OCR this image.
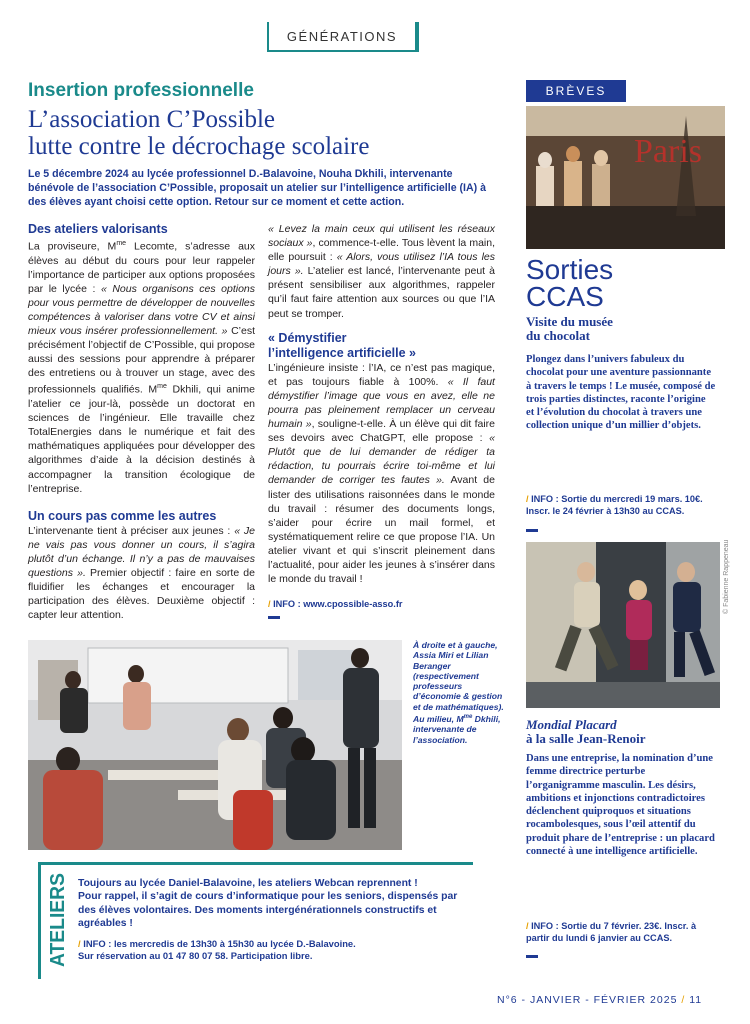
GÉNÉRATIONS
Insertion professionnelle
L’association C’Possible
lutte contre le décrochage scolaire
Le 5 décembre 2024 au lycée professionnel D.-Balavoine, Nouha Dkhili, intervenante bénévole de l’association C’Possible, proposait un atelier sur l’intelligence artificielle (IA) à des élèves ayant choisi cette option. Retour sur ce moment et cette action.
Des ateliers valorisants

La proviseure, $M^{me}$ Lecomte, s’adresse aux élèves au début du cours pour leur rappeler l’importance de participer aux options proposées par le lycée : « Nous organisons ces options pour vous permettre de développer de nouvelles compétences à valoriser dans votre CV et ainsi mieux vous insérer professionnellement. » C’est précisément l’objectif de C’Possible, qui propose aussi des sessions pour apprendre à préparer des entretiens ou à trouver un stage, avec des professionnels qualifiés. $M^{me}$ Dkhili, qui anime l’atelier ce jour-là, possède un doctorat en sciences de l’ingénieur. Elle travaille chez TotalEnergies dans le numérique et fait des mathématiques appliquées pour développer des algorithmes d’aide à la décision destinés à accompagner la transition écologique de l’entreprise.

Un cours pas comme les autres

L’intervenante tient à préciser aux jeunes : « Je ne vais pas vous donner un cours, il s’agira plutôt d’un échange. Il n’y a pas de mauvaises questions ». Premier objectif : faire en sorte de fluidifier les échanges et encourager la participation des élèves. Deuxième objectif : capter leur attention.

« Levez la main ceux qui utilisent les réseaux sociaux », commence-t-elle. Tous lèvent la main, elle poursuit : « Alors, vous utilisez l’IA tous les jours ». L’atelier est lancé, l’intervenante peut à présent sensibiliser aux algorithmes, rappeler qu’il faut faire attention aux sources ou que l’IA peut se tromper.

« Démystifier
l’intelligence artificielle »

L’ingénieure insiste : l’IA, ce n’est pas magique, et pas toujours fiable à 100%. « Il faut démystifier l’image que vous en avez, elle ne pourra pas pleinement remplacer un cerveau humain », souligne-t-elle. À un élève qui dit faire ses devoirs avec ChatGPT, elle propose : « Plutôt que de lui demander de rédiger ta rédaction, tu pourrais écrire toi-même et lui demander de corriger tes fautes ». Avant de lister des utilisations raisonnées dans le monde du travail : résumer des documents longs, s’aider pour écrire un mail formel, et systématiquement relire ce que propose l’IA. Un atelier vivant et qui s’inscrit pleinement dans l’actualité, pour aider les jeunes à s’insérer dans le monde du travail !

/ INFO : www.cpossible-asso.fr
À droite et à gauche, Assia Miri et Lilian Beranger (respectivement professeurs d’économie & gestion et de mathématiques). Au milieu, $M^{me}$ Dkhili, intervenante de l’association.
ATELIERS Toujours au lycée Daniel-Balavoine, les ateliers Webcan reprennent !
Pour rappel, il s’agit de cours d’informatique pour les seniors, dispensés par des élèves volontaires. Des moments intergénérationnels constructifs et agréables !
/ INFO : les mercredis de 13h30 à 15h30 au lycée D.-Balavoine.
Sur réservation au 01 47 80 07 58. Participation libre.
BRÈVES
Paris
Sorties
CCAS
Visite du musée
du chocolat
Plongez dans l’univers fabuleux du chocolat pour une aventure passionnante à travers le temps ! Le musée, composé de trois parties distinctes, raconte l’origine et l’évolution du chocolat à travers une collection unique d’un millier d’objets.
/ INFO : Sortie du mercredi 19 mars. 10€. Inscr. le 24 février à 13h30 au CCAS.
© Fabienne Rappeneau
Mondial Placard
à la salle Jean-Renoir
Dans une entreprise, la nomination d’une femme directrice perturbe l’organigramme masculin. Les désirs, ambitions et injonctions contradictoires déclenchent quiproquos et situations rocambolesques, sous l’œil attentif du produit phare de l’entreprise : un placard connecté à une intelligence artificielle.
/ INFO : Sortie du 7 février. 23€. Inscr. à partir du lundi 6 janvier au CCAS.
N°6 - JANVIER - FÉVRIER 2025 / 11
